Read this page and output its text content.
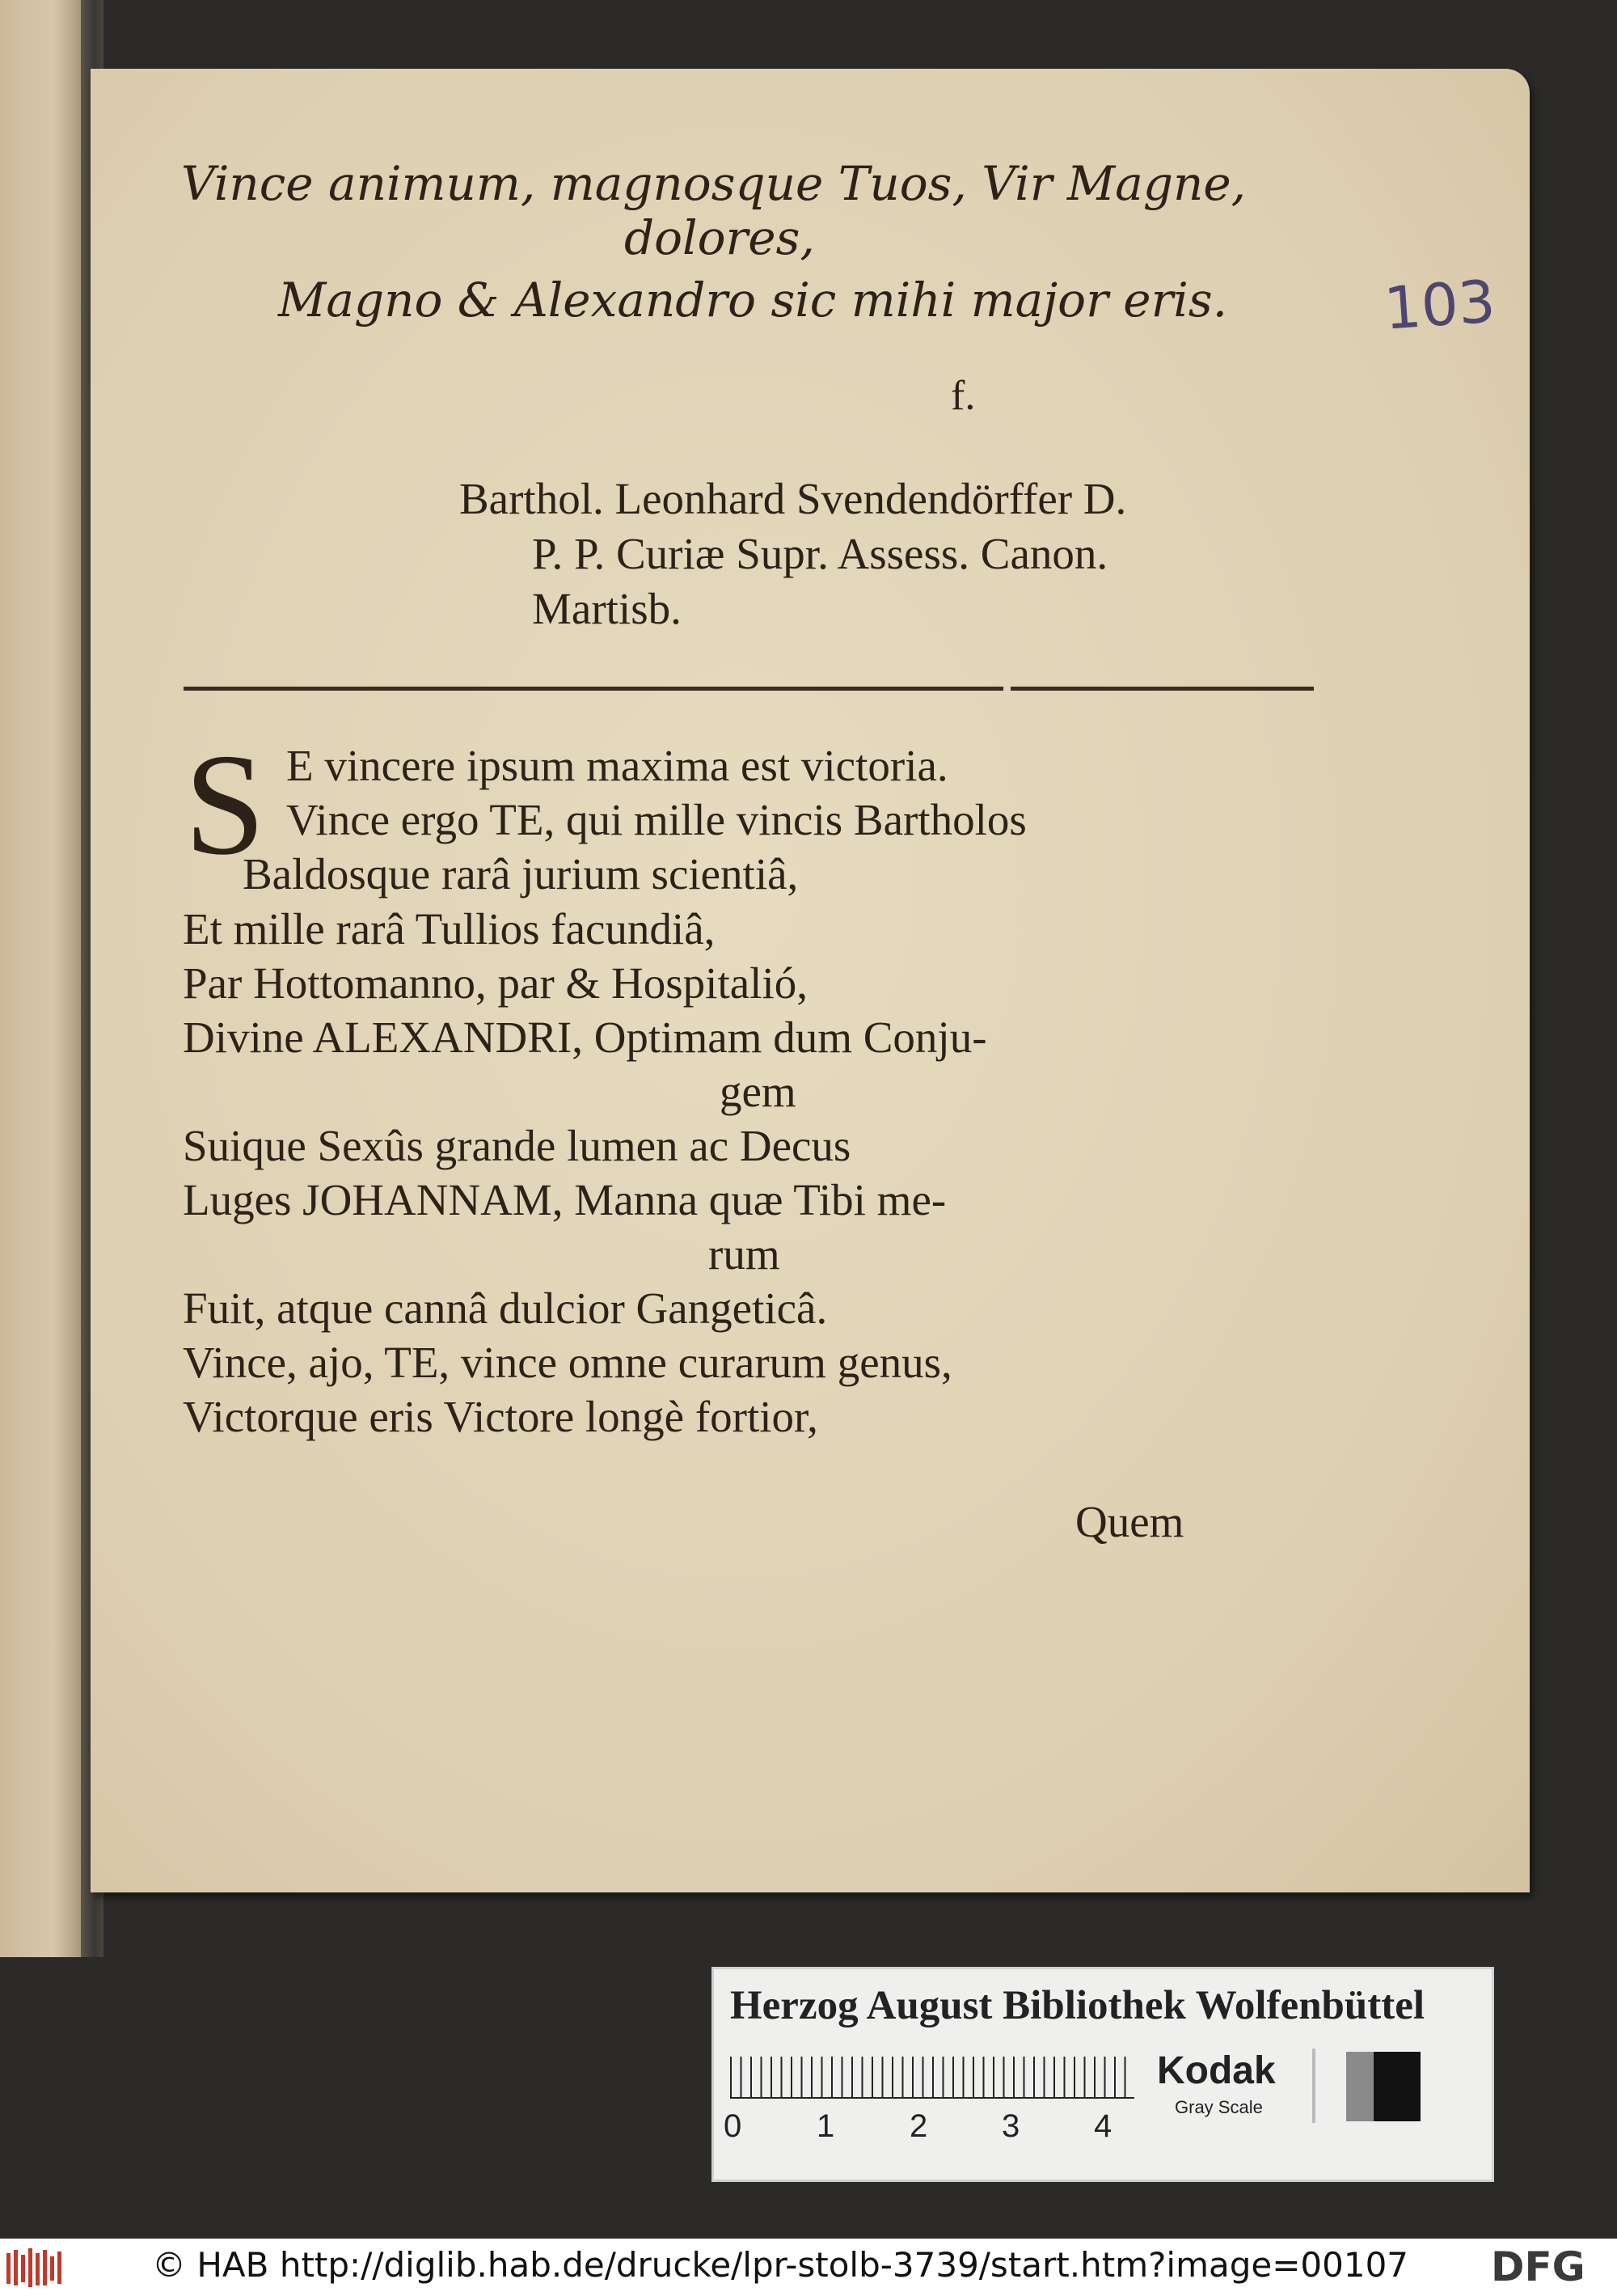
103
Vince animum, magnosque Tuos, Vir Magne,
dolores,
Magno & Alexandro sic mihi major eris.
f.
Barthol. Leonhard Svendendörffer D.
P. P. Curiæ Supr. Assess. Canon.
Martisb.
S E vincere ipsum maxima est victoria.
Vince ergo TE, qui mille vincis Bartholos
Baldosque rarâ jurium scientiâ,
Et mille rarâ Tullios facundiâ,
Par Hottomanno, par & Hospitalió,
Divine ALEXANDRI, Optimam dum Conju-
gem
Suique Sexûs grande lumen ac Decus
Luges JOHANNAM, Manna quæ Tibi me-
rum
Fuit, atque cannâ dulcior Gangeticâ.
Vince, ajo, TE, vince omne curarum genus,
Victorque eris Victore longè fortior,
Quem
Herzog August Bibliothek Wolfenbüttel
0 1 2 3 4
Kodak
Gray Scale
© HAB http://diglib.hab.de/drucke/lpr-stolb-3739/start.htm?image=00107 DFG
